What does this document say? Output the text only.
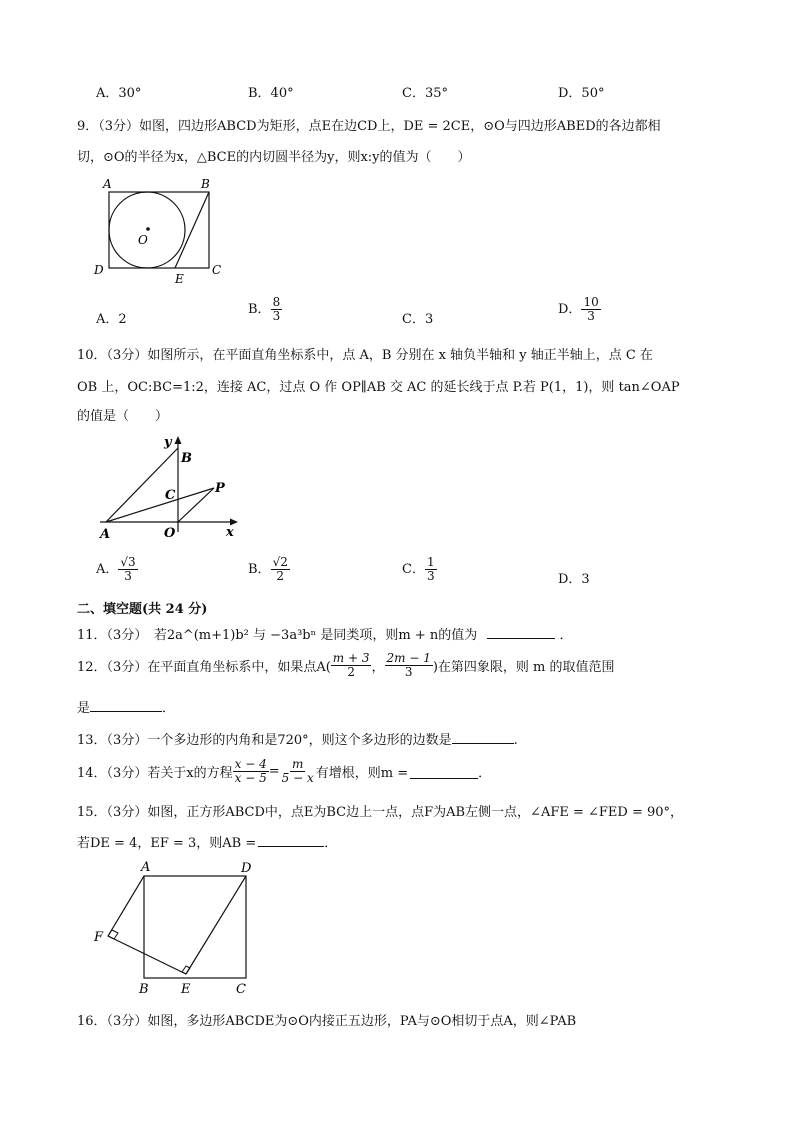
A．30°	B．40°	C．35°	D．50°
9．（3分）如图，四边形ABCD为矩形，点E在边CD上，DE = 2CE，⊙O与四边形ABED的各边都相
切，⊙O的半径为x，△BCE的内切圆半径为y，则x:y的值为（　　）
A	B
C
D
E
O
A．2
B． $\frac{8}{3}$	C．3
D． $\frac{10}{3}$
10．（3分）如图所示，在平面直角坐标系中，点 A，B 分别在 x 轴负半轴和 y 轴正半轴上，点 C 在
OB 上，OC:BC=1:2，连接 AC，过点 O 作 OP∥AB 交 AC 的延长线于点 P.若 P(1，1)，则 tan∠OAP
的值是（　　）
y
x
A
B
C
O
P
A． $\frac{√3}{3}$	B． $\frac{√2}{2}$	C． $\frac{1}{3}$	D．3
二、填空题(共 24 分)
11．（3分）　若2a^(m+1)b² 与 −3a³bⁿ 是同类项，则m + n的值为	．
12．（3分）在平面直角坐标系中，如果点$A( \frac{m + 3}{2}$ ， $\frac{2m - 1}{3}$ )在第四象限，则 m 的取值范围
是	．
13．（3分）一个多边形的内角和是720°，则这个多边形的边数是	.
14．（3分）若关于x的方程 $\frac{x - 4}{x - 5} = \frac{m}{5 - x}$ 有增根，则m =	．
15．（3分）如图，正方形ABCD中，点E为BC边上一点，点F为AB左侧一点，∠AFE = ∠FED = 90°，
若DE = 4，EF = 3，则AB =	．
A
B	C
D
E
F
16．（3分）如图，多边形ABCDE为⊙O内接正五边形，PA与⊙O相切于点A，则∠PAB
